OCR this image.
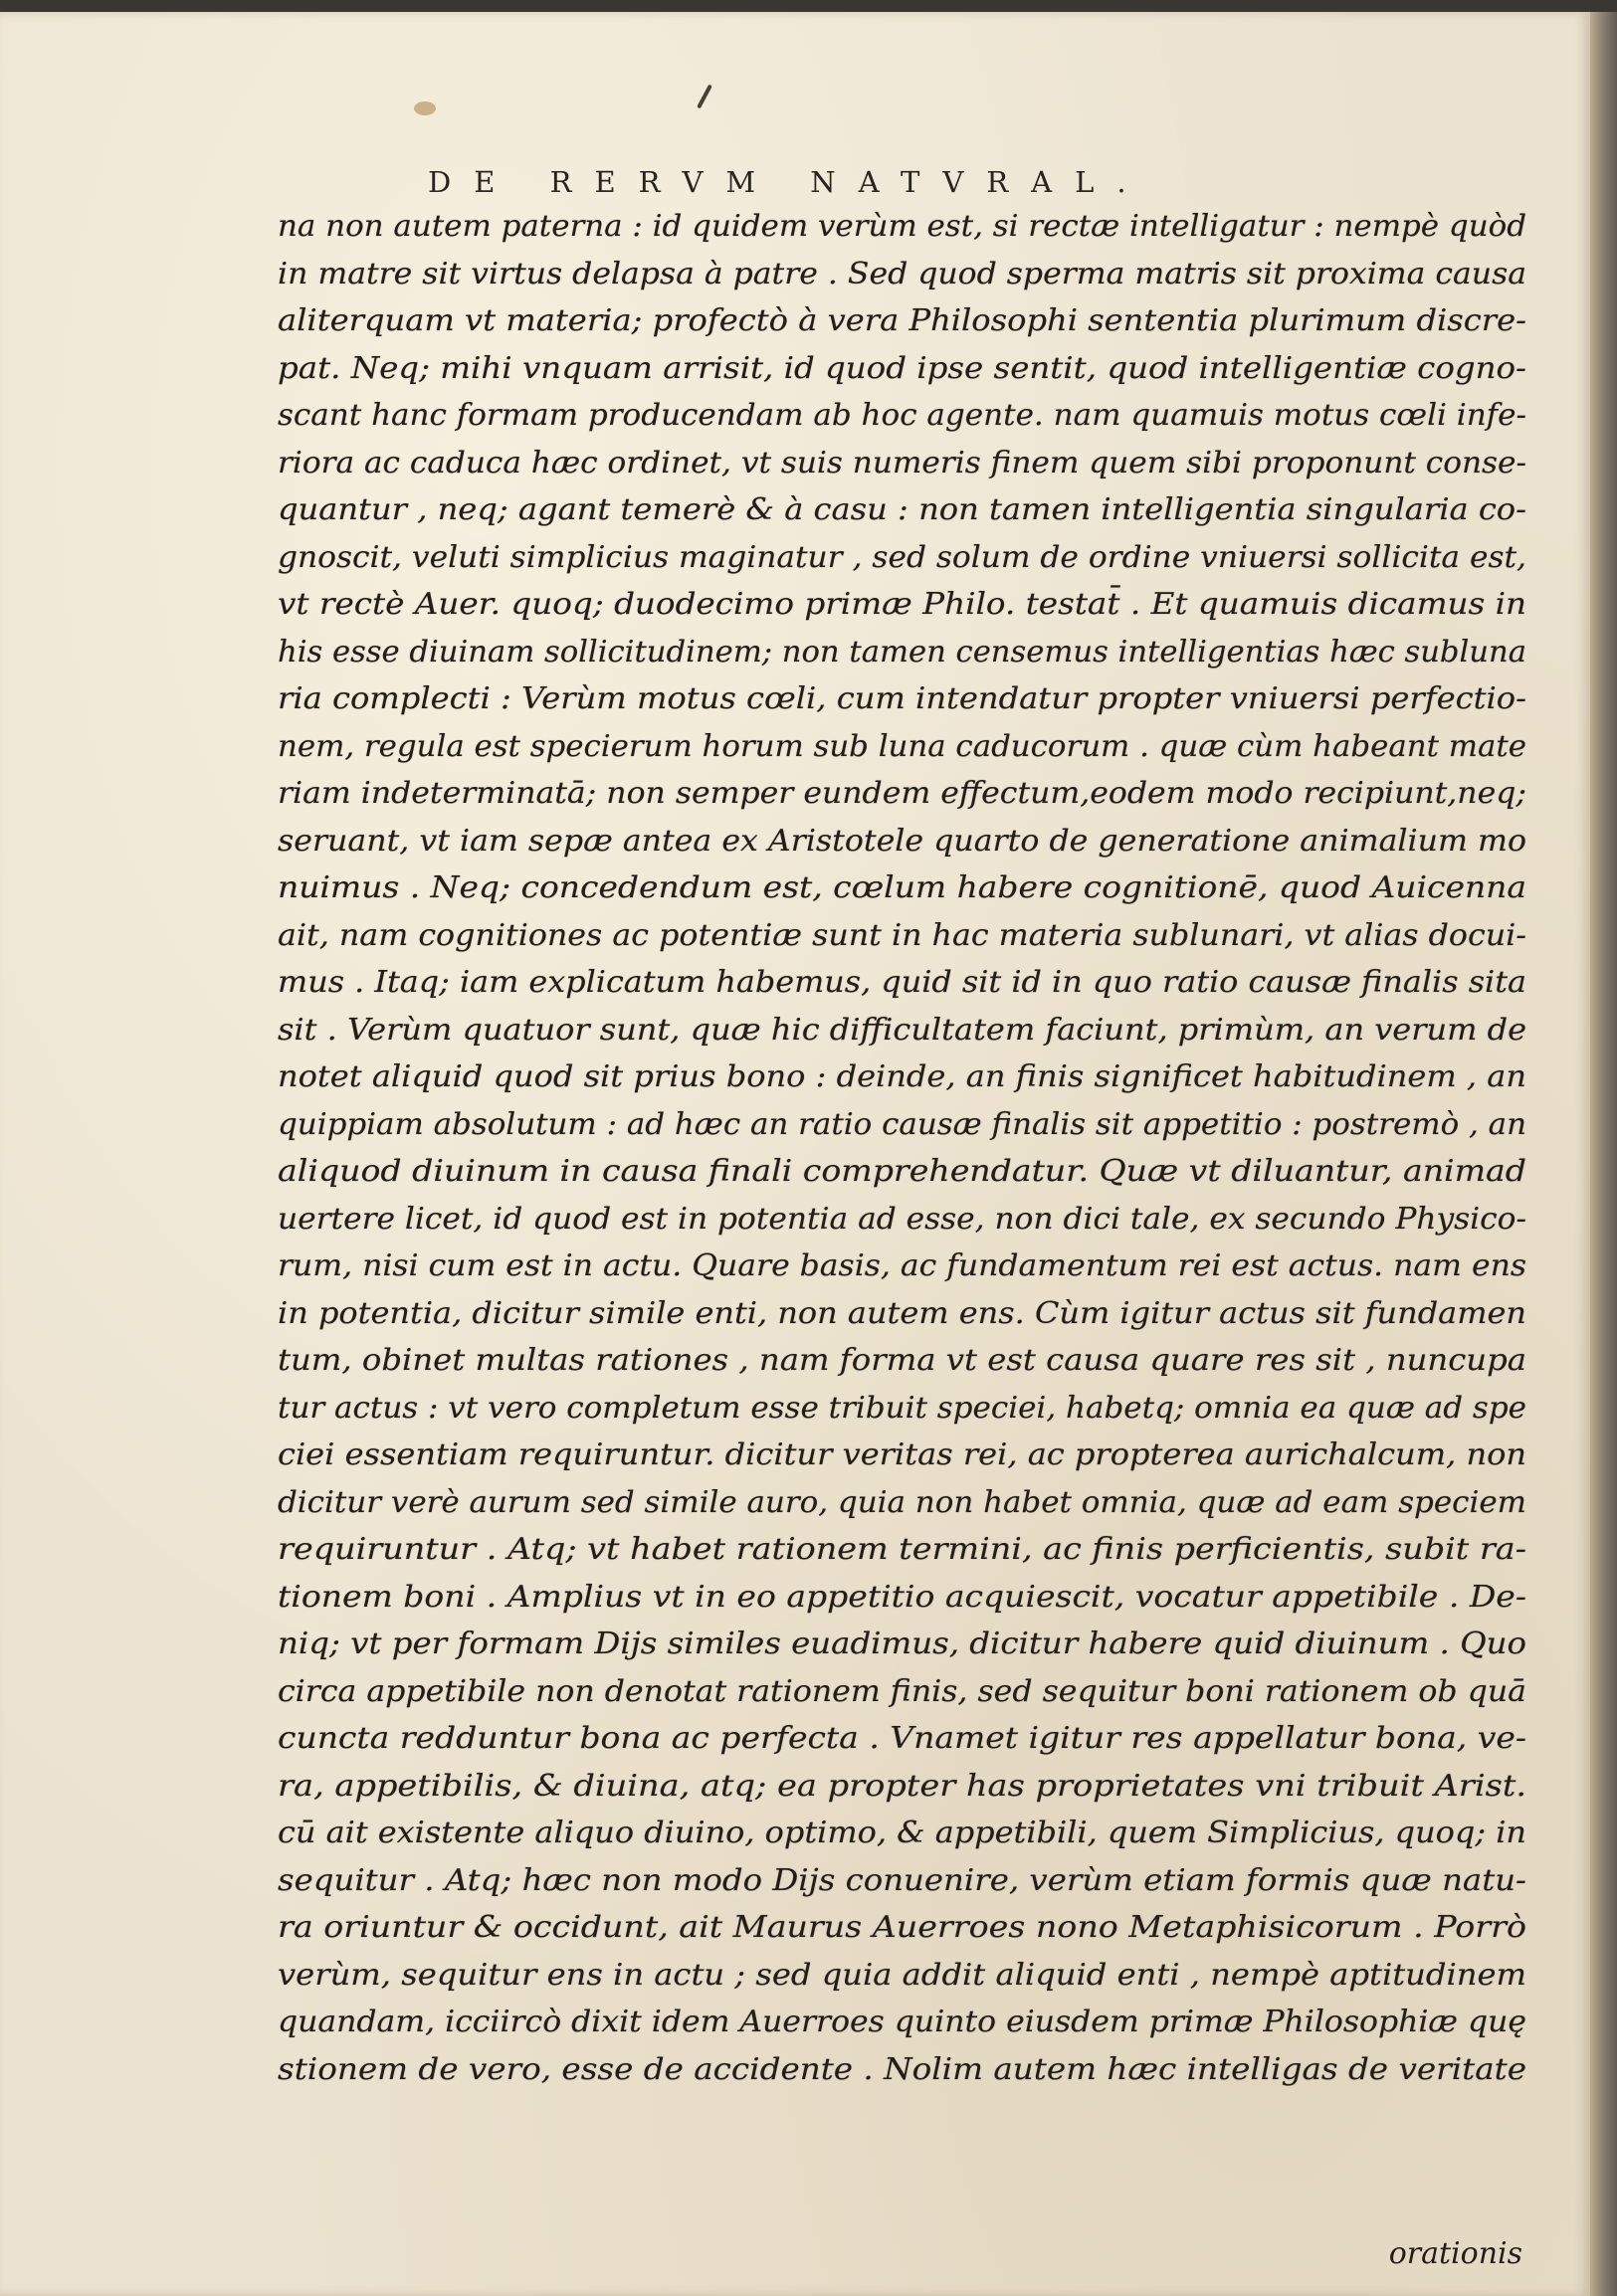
DE RERVM NATVRAL.
na non autem paterna : id quidem verùm est, si rectæ intelligatur : nempè quòd
in matre sit virtus delapsa à patre . Sed quod sperma matris sit proxima causa
aliterquam vt materia; profectò à vera Philosophi sententia plurimum discre-
pat. Neq; mihi vnquam arrisit, id quod ipse sentit, quod intelligentiæ cogno-
scant hanc formam producendam ab hoc agente. nam quamuis motus cœli infe-
riora ac caduca hæc ordinet, vt suis numeris finem quem sibi proponunt conse-
quantur , neq; agant temerè & à casu : non tamen intelligentia singularia co-
gnoscit, veluti simplicius maginatur , sed solum de ordine vniuersi sollicita est,
vt rectè Auer. quoq; duodecimo primæ Philo. testat̄ . Et quamuis dicamus in
his esse diuinam sollicitudinem; non tamen censemus intelligentias hæc subluna
ria complecti : Verùm motus cœli, cum intendatur propter vniuersi perfectio-
nem, regula est specierum horum sub luna caducorum . quæ cùm habeant mate
riam indeterminatā; non semper eundem effectum,eodem modo recipiunt,neq;
seruant, vt iam sepæ antea ex Aristotele quarto de generatione animalium mo
nuimus . Neq; concedendum est, cœlum habere cognitionē, quod Auicenna
ait, nam cognitiones ac potentiæ sunt in hac materia sublunari, vt alias docui-
mus . Itaq; iam explicatum habemus, quid sit id in quo ratio causæ finalis sita
sit . Verùm quatuor sunt, quæ hic difficultatem faciunt, primùm, an verum de
notet aliquid quod sit prius bono : deinde, an finis significet habitudinem , an
quippiam absolutum : ad hæc an ratio causæ finalis sit appetitio : postremò , an
aliquod diuinum in causa finali comprehendatur. Quæ vt diluantur, animad
uertere licet, id quod est in potentia ad esse, non dici tale, ex secundo Physico-
rum, nisi cum est in actu. Quare basis, ac fundamentum rei est actus. nam ens
in potentia, dicitur simile enti, non autem ens. Cùm igitur actus sit fundamen
tum, obinet multas rationes , nam forma vt est causa quare res sit , nuncupa
tur actus : vt vero completum esse tribuit speciei, habetq; omnia ea quæ ad spe
ciei essentiam requiruntur. dicitur veritas rei, ac propterea aurichalcum, non
dicitur verè aurum sed simile auro, quia non habet omnia, quæ ad eam speciem
requiruntur . Atq; vt habet rationem termini, ac finis perficientis, subit ra-
tionem boni . Amplius vt in eo appetitio acquiescit, vocatur appetibile . De-
niq; vt per formam Dijs similes euadimus, dicitur habere quid diuinum . Quo
circa appetibile non denotat rationem finis, sed sequitur boni rationem ob quā
cuncta redduntur bona ac perfecta . Vnamet igitur res appellatur bona, ve-
ra, appetibilis, & diuina, atq; ea propter has proprietates vni tribuit Arist.
cū ait existente aliquo diuino, optimo, & appetibili, quem Simplicius, quoq; in
sequitur . Atq; hæc non modo Dijs conuenire, verùm etiam formis quæ natu-
ra oriuntur & occidunt, ait Maurus Auerroes nono Metaphisicorum . Porrò
verùm, sequitur ens in actu ; sed quia addit aliquid enti , nempè aptitudinem
quandam, icciircò dixit idem Auerroes quinto eiusdem primæ Philosophiæ quę
stionem de vero, esse de accidente . Nolim autem hæc intelligas de veritate
orationis
